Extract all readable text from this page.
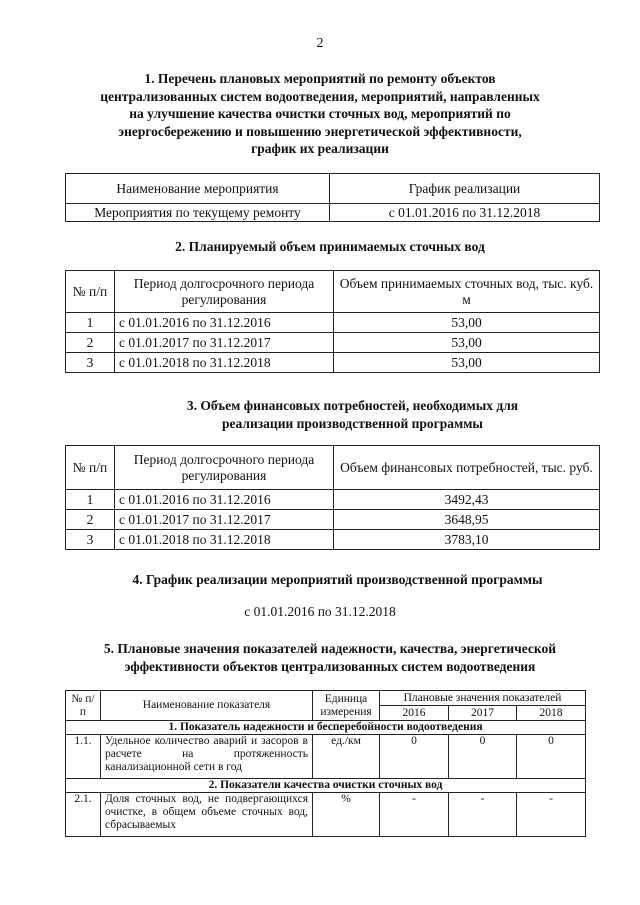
2
1. Перечень плановых мероприятий по ремонту объектов централизованных систем водоотведения, мероприятий, направленных на улучшение качества очистки сточных вод, мероприятий по энергосбережению и повышению энергетической эффективности, график их реализации
Наименование мероприятия	График реализации
Мероприятия по текущему ремонту	с 01.01.2016 по 31.12.2018
2. Планируемый объем принимаемых сточных вод
№ п/п	Период долгосрочного периода регулирования	Объем принимаемых сточных вод, тыс. куб. м
1	с 01.01.2016 по 31.12.2016	53,00
2	с 01.01.2017 по 31.12.2017	53,00
3	с 01.01.2018 по 31.12.2018	53,00
3. Объем финансовых потребностей, необходимых для реализации производственной программы
№ п/п	Период долгосрочного периода регулирования	Объем финансовых потребностей, тыс. руб.
1	с 01.01.2016 по 31.12.2016	3492,43
2	с 01.01.2017 по 31.12.2017	3648,95
3	с 01.01.2018 по 31.12.2018	3783,10
4. График реализации мероприятий производственной программы
с 01.01.2016 по 31.12.2018
5. Плановые значения показателей надежности, качества, энергетической эффективности объектов централизованных систем водоотведения
№ п/п	Наименование показателя	Единица измерения	Плановые значения показателей		
			2016	2017	2018
1. Показатель надежности и бесперебойности водоотведения					
1.1.	Удельное количество аварий и засоров в расчете на протяженность канализационной сети в год	ед./км	0	0	0
2. Показатели качества очистки сточных вод					
2.1.	Доля сточных вод, не подвергающихся очистке, в общем объеме сточных вод, сбрасываемых	%	-	-	-
